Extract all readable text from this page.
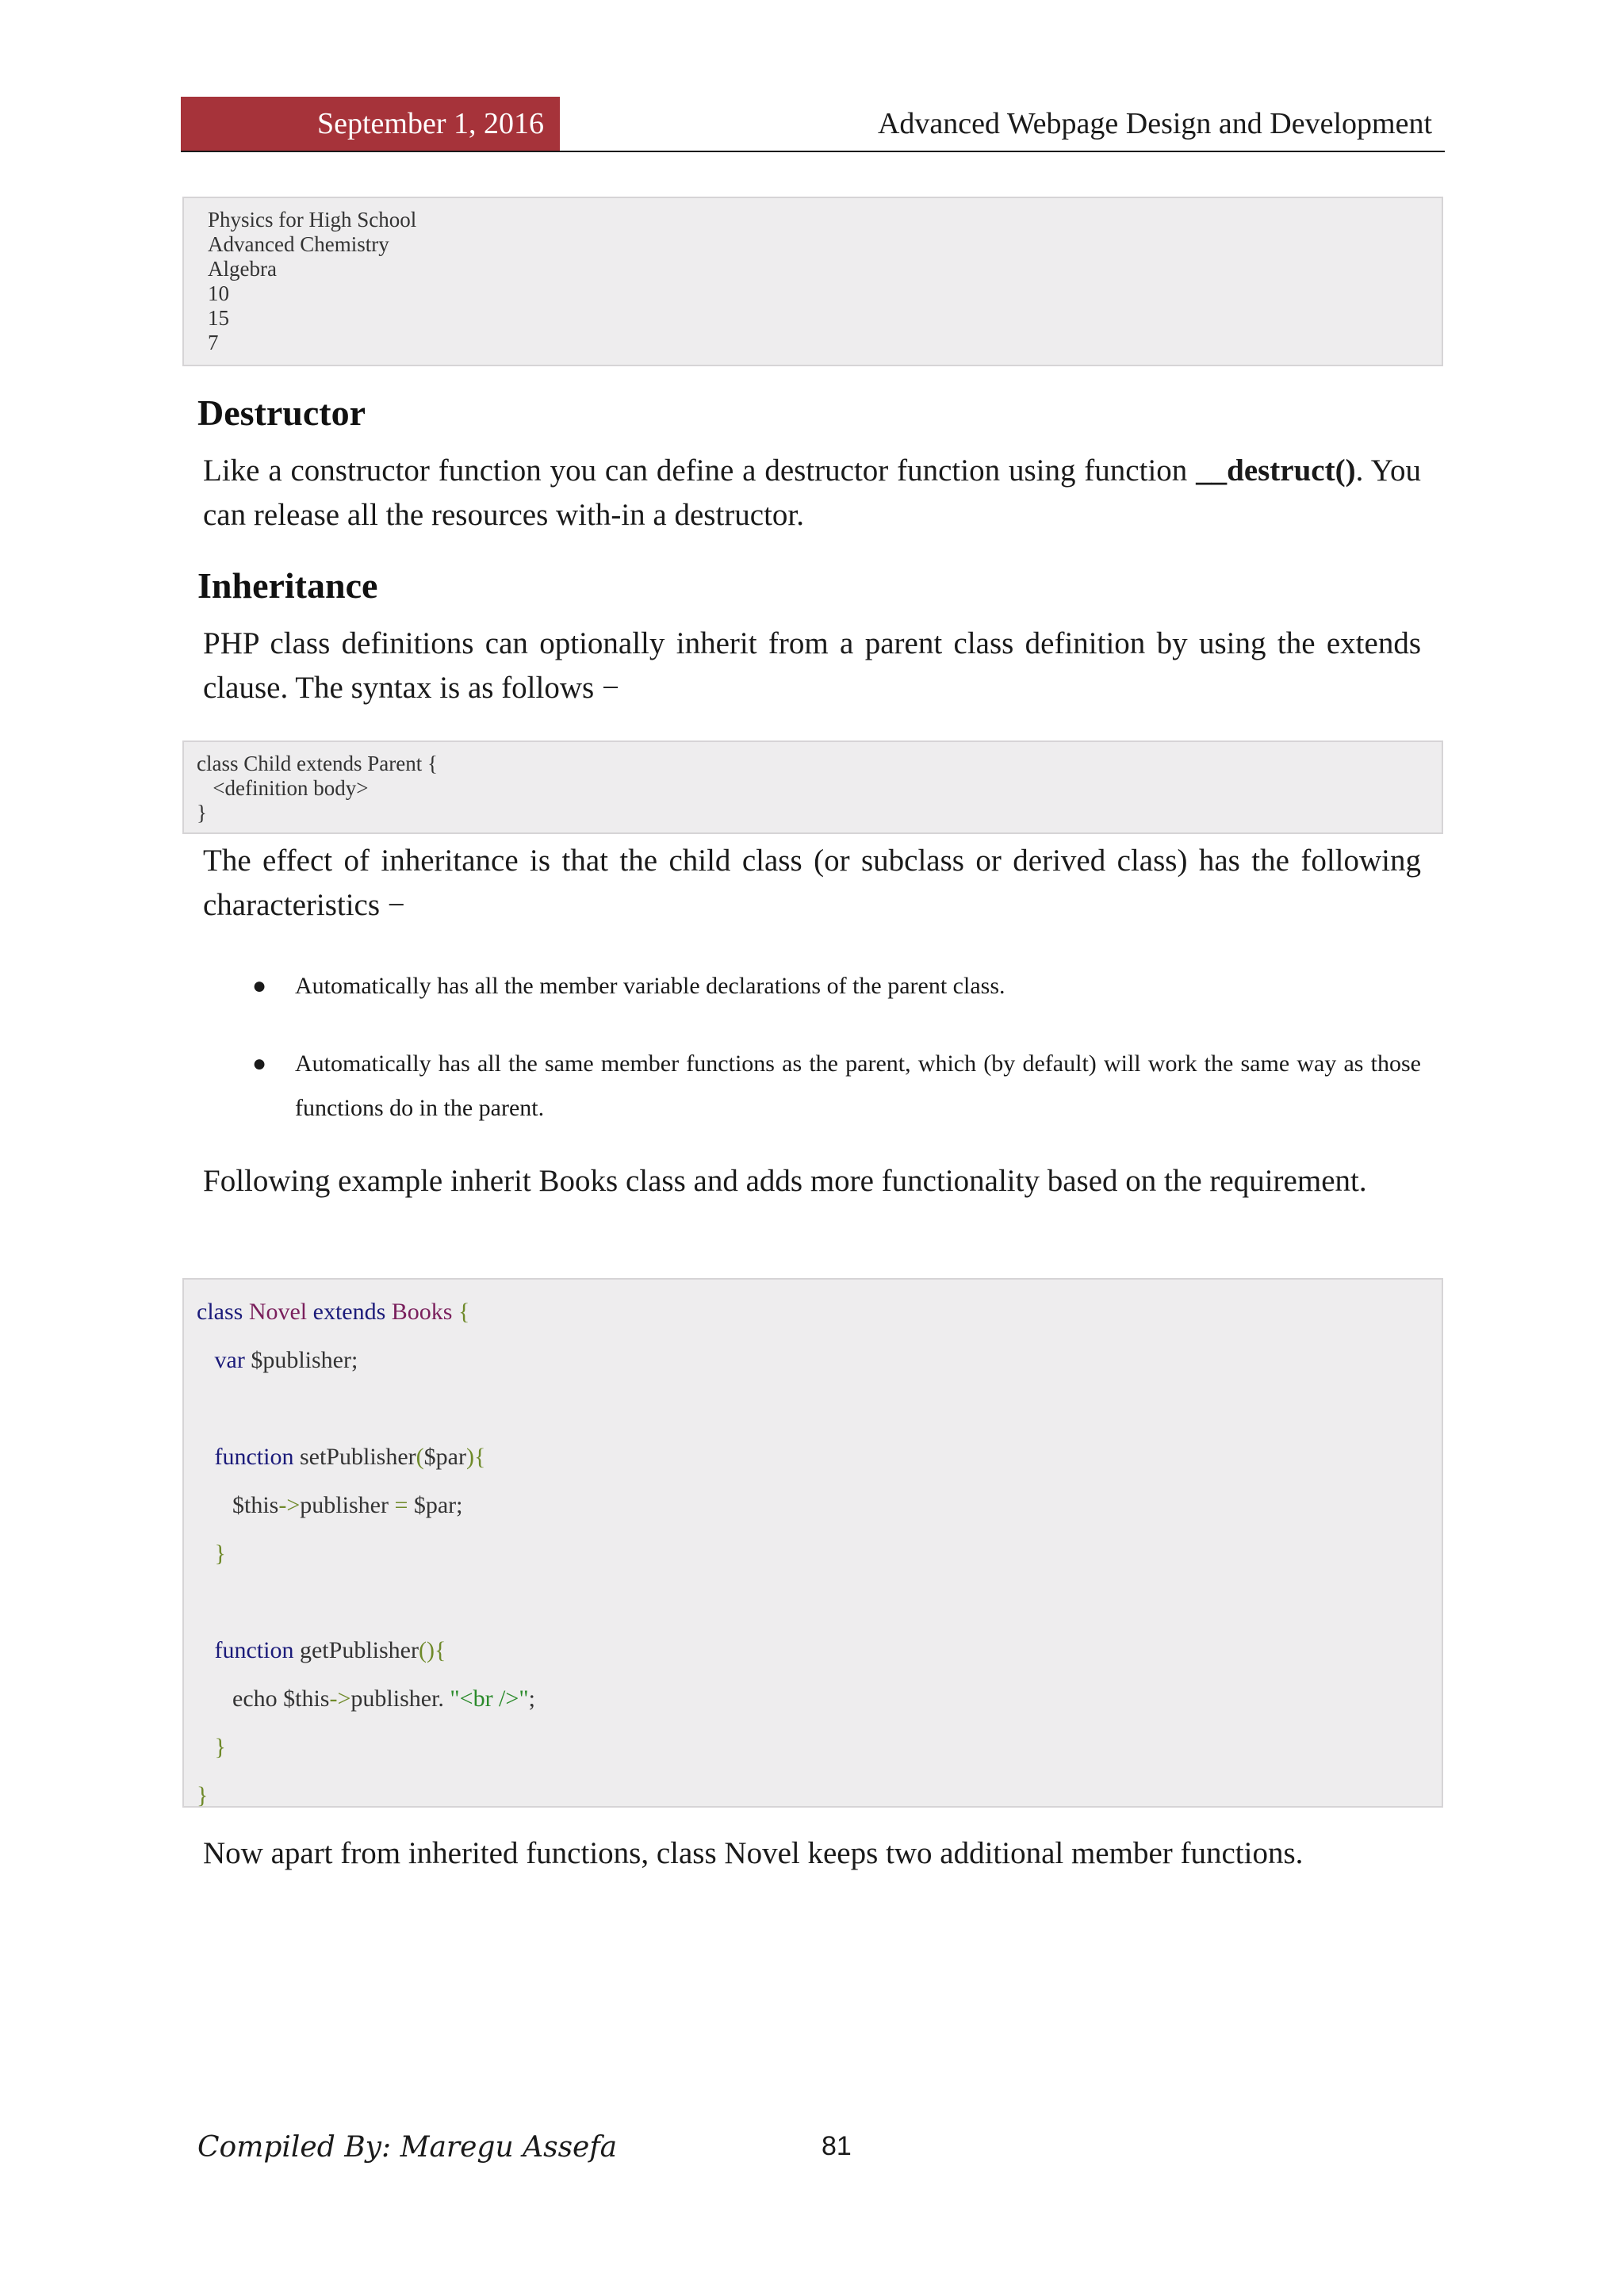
September 1, 2016	Advanced Webpage Design and Development
Physics for High School
Advanced Chemistry
Algebra
10
15
7
Destructor
Like a constructor function you can define a destructor function using function __destruct(). You can release all the resources with-in a destructor.
Inheritance
PHP class definitions can optionally inherit from a parent class definition by using the extends clause. The syntax is as follows −
class Child extends Parent {
<definition body>
}
The effect of inheritance is that the child class (or subclass or derived class) has the following characteristics −
● Automatically has all the member variable declarations of the parent class.
● Automatically has all the same member functions as the parent, which (by default) will work the same way as those functions do in the parent.
Following example inherit Books class and adds more functionality based on the requirement.
class Novel extends Books {
var $publisher;

function setPublisher($par){
$this->publisher = $par;
}

function getPublisher(){
echo $this->publisher. "<br />";
}
}
Now apart from inherited functions, class Novel keeps two additional member functions.
Compiled By: Maregu Assefa	81
